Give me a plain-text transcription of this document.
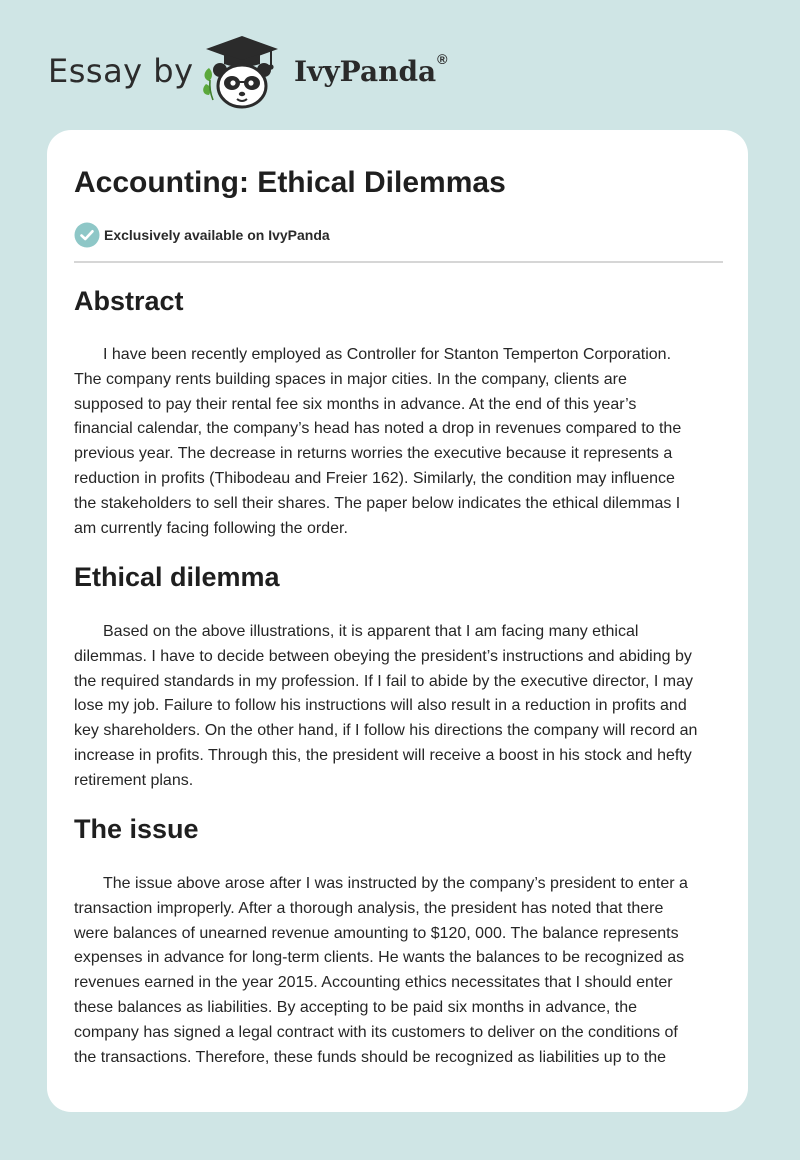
Essay by	IvyPanda®
Accounting: Ethical Dilemmas
Exclusively available on IvyPanda
Abstract
I have been recently employed as Controller for Stanton Temperton Corporation.
The company rents building spaces in major cities. In the company, clients are
supposed to pay their rental fee six months in advance. At the end of this year’s
financial calendar, the company’s head has noted a drop in revenues compared to the
previous year. The decrease in returns worries the executive because it represents a
reduction in profits (Thibodeau and Freier 162). Similarly, the condition may influence
the stakeholders to sell their shares. The paper below indicates the ethical dilemmas I
am currently facing following the order.
Ethical dilemma
Based on the above illustrations, it is apparent that I am facing many ethical
dilemmas. I have to decide between obeying the president’s instructions and abiding by
the required standards in my profession. If I fail to abide by the executive director, I may
lose my job. Failure to follow his instructions will also result in a reduction in profits and
key shareholders. On the other hand, if I follow his directions the company will record an
increase in profits. Through this, the president will receive a boost in his stock and hefty
retirement plans.
The issue
The issue above arose after I was instructed by the company’s president to enter a
transaction improperly. After a thorough analysis, the president has noted that there
were balances of unearned revenue amounting to $120, 000. The balance represents
expenses in advance for long-term clients. He wants the balances to be recognized as
revenues earned in the year 2015. Accounting ethics necessitates that I should enter
these balances as liabilities. By accepting to be paid six months in advance, the
company has signed a legal contract with its customers to deliver on the conditions of
the transactions. Therefore, these funds should be recognized as liabilities up to the
